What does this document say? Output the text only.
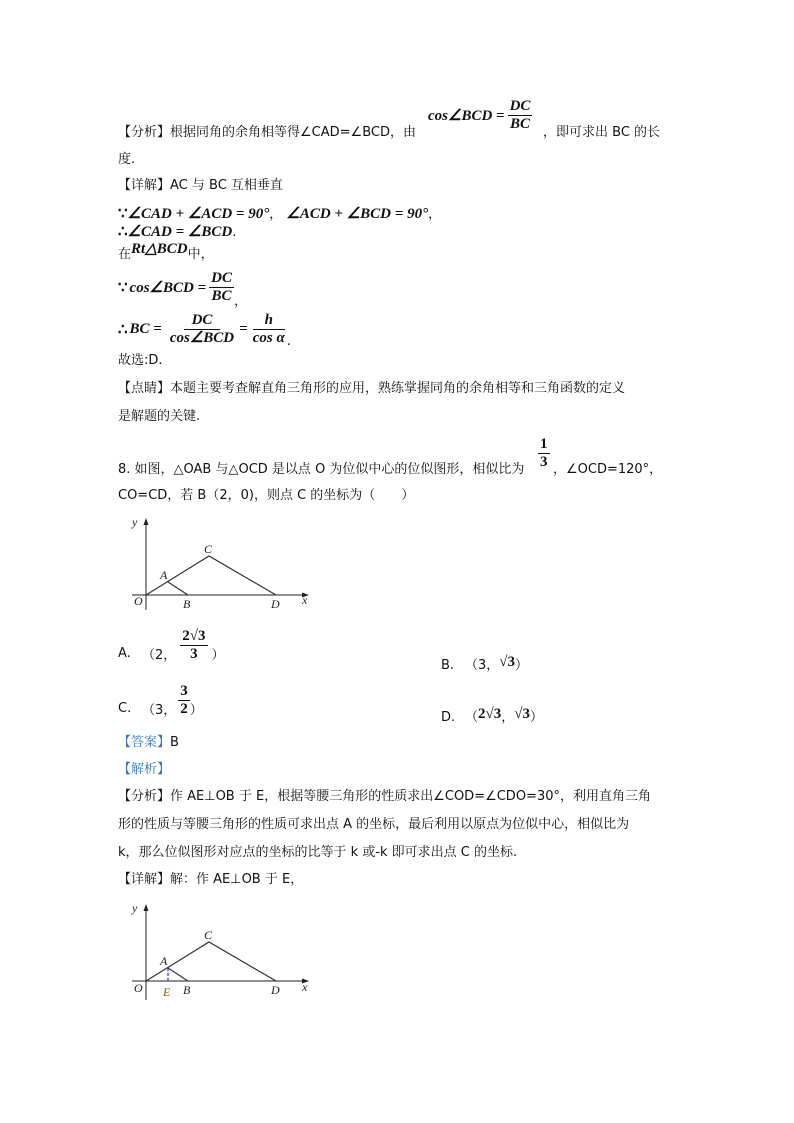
【分析】根据同角的余角相等得∠CAD=∠BCD，由
cos∠BCD = $\frac{DC}{BC}$ ，即可求出 BC 的长
度.
【详解】AC 与 BC 互相垂直
∵∠CAD + ∠ACD = 90°， ∠ACD + ∠BCD = 90°，
∴∠CAD = ∠BCD.
在Rt△BCD中，
∵ cos∠BCD = $\frac{DC}{BC}$ ，
∴ BC = $\frac{DC}{\text{cos∠BCD}} = \frac{h}{\text{cos α}}$ .
故选:D.
【点睛】本题主要考查解直角三角形的应用，熟练掌握同角的余角相等和三角函数的定义
是解题的关键.
8. 如图，△OAB 与△OCD 是以点 O 为位似中心的位似图形，相似比为 $\frac{1}{3}$ ，∠OCD=120°，
CO=CD，若 B（2，0)，则点 C 的坐标为（　　）
y
x
O
A
B
C
D
A. （2， $\frac{2√3}{3}$ ）
B. （3，√3）
C. （3， $\frac{3}{2}$ ）	D. （2√3，√3）
【答案】B
【解析】
【分析】作 AE⊥OB 于 E，根据等腰三角形的性质求出∠COD=∠CDO=30°，利用直角三角
形的性质与等腰三角形的性质可求出点 A 的坐标，最后利用以原点为位似中心，相似比为
k，那么位似图形对应点的坐标的比等于 k 或-k 即可求出点 C 的坐标.
【详解】解：作 AE⊥OB 于 E，
y
x
O
A
B
C
D
E
